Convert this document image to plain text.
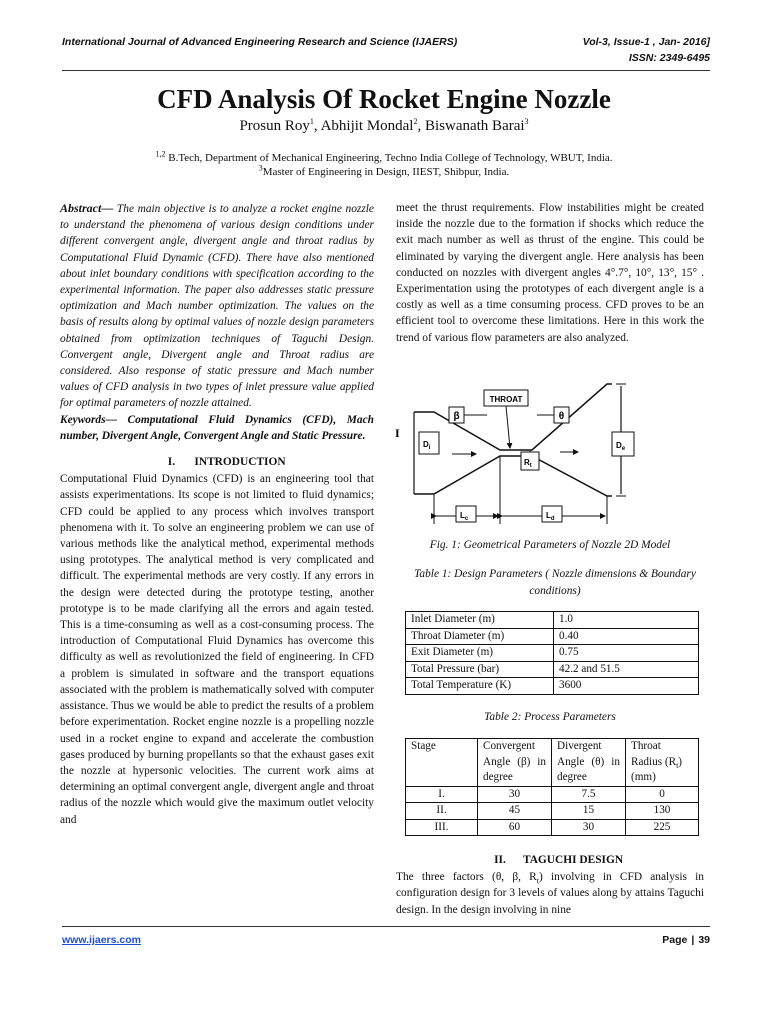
International Journal of Advanced Engineering Research and Science (IJAERS)	Vol-3, Issue-1 , Jan- 2016]
ISSN: 2349-6495
CFD Analysis Of Rocket Engine Nozzle
Prosun Roy$^1$, Abhijit Mondal$^2$, Biswanath Barai$^3$
$^{1,2}$ B.Tech, Department of Mechanical Engineering, Techno India College of Technology, WBUT, India.
$^3$Master of Engineering in Design, IIEST, Shibpur, India.

Abstract— The main objective is to analyze a rocket engine nozzle to understand the phenomena of various design conditions under different convergent angle, divergent angle and throat radius by Computational Fluid Dynamic (CFD). There have also mentioned about inlet boundary conditions with specification according to the experimental information. The paper also addresses static pressure optimization and Mach number optimization. The values on the basis of results along by optimal values of nozzle design parameters obtained from optimization techniques of Taguchi Design. Convergent angle, Divergent angle and Throat radius are considered. Also response of static pressure and Mach number values of CFD analysis in two types of inlet pressure value applied for optimal parameters of nozzle attained.

Keywords— Computational Fluid Dynamics (CFD), Mach number, Divergent Angle, Convergent Angle and Static Pressure.

I. INTRODUCTION

Computational Fluid Dynamics (CFD) is an engineering tool that assists experimentations. Its scope is not limited to fluid dynamics; CFD could be applied to any process which involves transport phenomena with it. To solve an engineering problem we can use of various methods like the analytical method, experimental methods using prototypes. The analytical method is very complicated and difficult. The experimental methods are very costly. If any errors in the design were detected during the prototype testing, another prototype is to be made clarifying all the errors and again tested. This is a time-consuming as well as a cost-consuming process. The introduction of Computational Fluid Dynamics has overcome this difficulty as well as revolutionized the field of engineering. In CFD a problem is simulated in software and the transport equations associated with the problem is mathematically solved with computer assistance. Thus we would be able to predict the results of a problem before experimentation. Rocket engine nozzle is a propelling nozzle used in a rocket engine to expand and accelerate the combustion gases produced by burning propellants so that the exhaust gases exit the nozzle at hypersonic velocities. The current work aims at determining an optimal convergent angle, divergent angle and throat radius of the nozzle which would give the maximum outlet velocity and

meet the thrust requirements. Flow instabilities might be created inside the nozzle due to the formation if shocks which reduce the exit mach number as well as thrust of the engine. This could be eliminated by varying the divergent angle. Here analysis has been conducted on nozzles with divergent angles 4°.7°, 10°, 13°, 15° . Experimentation using the prototypes of each divergent angle is a costly as well as a time consuming process. CFD proves to be an efficient tool to overcome these limitations. Here in this work the trend of various flow parameters are also analyzed.

I
THROAT
β	θ
$D_i$
$R_t$
$D_e$
$L_c$	$L_d$
Fig. 1: Geometrical Parameters of Nozzle 2D Model
Table 1: Design Parameters ( Nozzle dimensions & Boundary conditions)
Inlet Diameter (m)	1.0
Throat Diameter (m)	0.40
Exit Diameter (m)	0.75
Total Pressure (bar)	42.2 and 51.5
Total Temperature (K)	3600
Table 2: Process Parameters
Stage	Convergent Angle (β) in degree	Divergent Angle (θ) in degree	Throat Radius $(R_t)$ (mm)
I.	30	7.5	0
II.	45	15	130
III.	60	30	225

II. TAGUCHI DESIGN

The three factors (θ, β, $R_t$) involving in CFD analysis in configuration design for 3 levels of values along by attains Taguchi design. In the design involving in nine

www.ijaers.com	Page | 39
